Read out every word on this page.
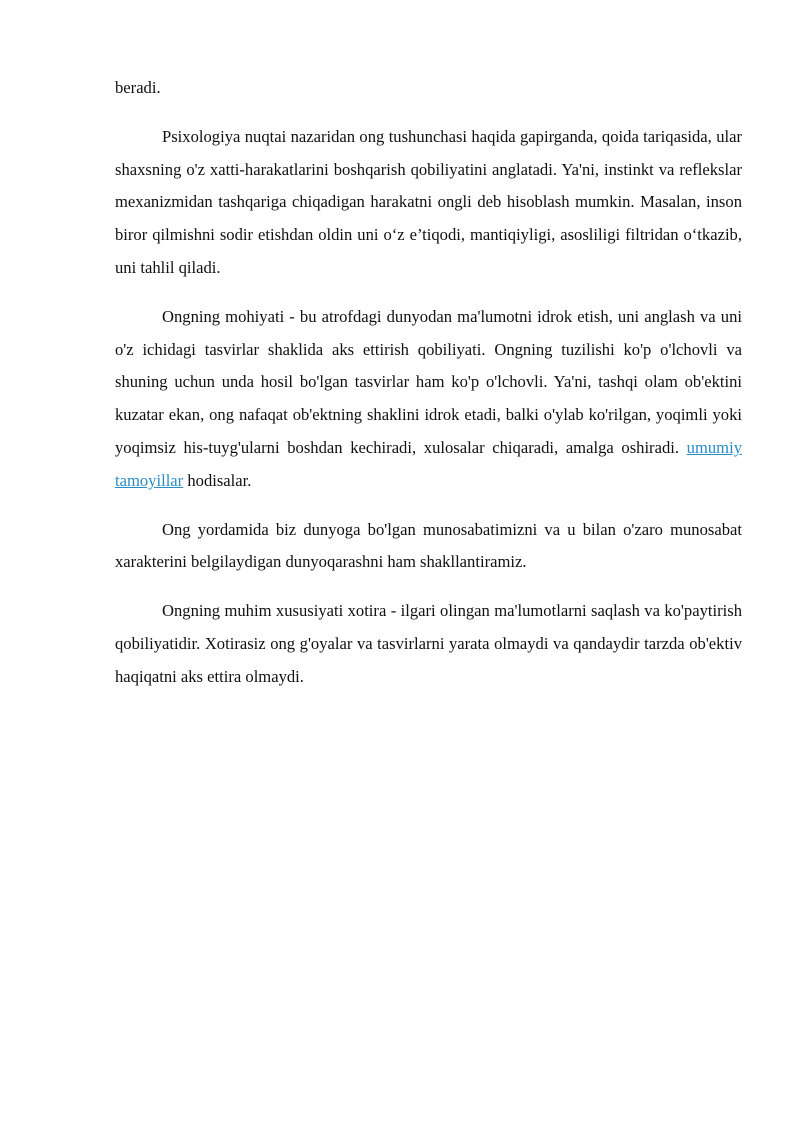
beradi.

Psixologiya nuqtai nazaridan ong tushunchasi haqida gapirganda, qoida tariqasida, ular shaxsning o'z xatti-harakatlarini boshqarish qobiliyatini anglatadi. Ya'ni, instinkt va reflekslar mexanizmidan tashqariga chiqadigan harakatni ongli deb hisoblash mumkin. Masalan, inson biror qilmishni sodir etishdan oldin uni o‘z e’tiqodi, mantiqiyligi, asosliligi filtridan o‘tkazib, uni tahlil qiladi.

Ongning mohiyati - bu atrofdagi dunyodan ma'lumotni idrok etish, uni anglash va uni o'z ichidagi tasvirlar shaklida aks ettirish qobiliyati. Ongning tuzilishi ko'p o'lchovli va shuning uchun unda hosil bo'lgan tasvirlar ham ko'p o'lchovli. Ya'ni, tashqi olam ob'ektini kuzatar ekan, ong nafaqat ob'ektning shaklini idrok etadi, balki o'ylab ko'rilgan, yoqimli yoki yoqimsiz his-tuyg'ularni boshdan kechiradi, xulosalar chiqaradi, amalga oshiradi. umumiy tamoyillar hodisalar.

Ong yordamida biz dunyoga bo'lgan munosabatimizni va u bilan o'zaro munosabat xarakterini belgilaydigan dunyoqarashni ham shakllantiramiz.

Ongning muhim xususiyati xotira - ilgari olingan ma'lumotlarni saqlash va ko'paytirish qobiliyatidir. Xotirasiz ong g'oyalar va tasvirlarni yarata olmaydi va qandaydir tarzda ob'ektiv haqiqatni aks ettira olmaydi.
